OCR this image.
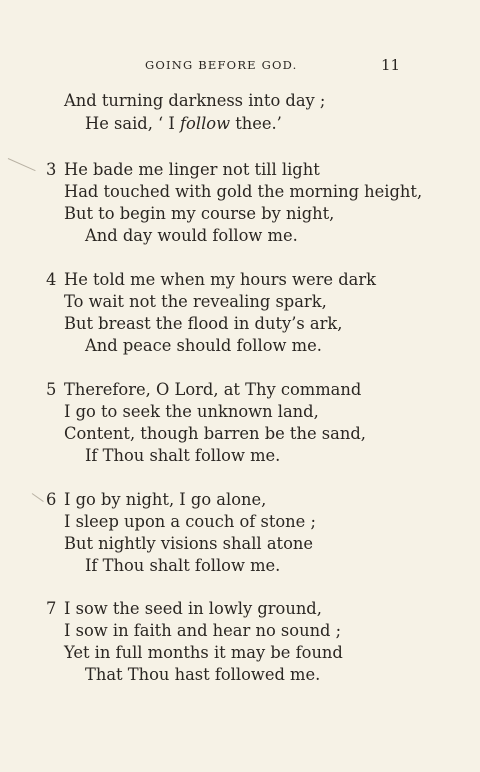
GOING BEFORE GOD.	11
And turning darkness into day ;
He said, ‘ I follow thee.’
3 He bade me linger not till light
Had touched with gold the morning height,
But to begin my course by night,
And day would follow me.
4 He told me when my hours were dark
To wait not the revealing spark,
But breast the flood in duty’s ark,
And peace should follow me.
5 Therefore, O Lord, at Thy command
I go to seek the unknown land,
Content, though barren be the sand,
If Thou shalt follow me.
6 I go by night, I go alone,
I sleep upon a couch of stone ;
But nightly visions shall atone
If Thou shalt follow me.
7 I sow the seed in lowly ground,
I sow in faith and hear no sound ;
Yet in full months it may be found
That Thou hast followed me.
